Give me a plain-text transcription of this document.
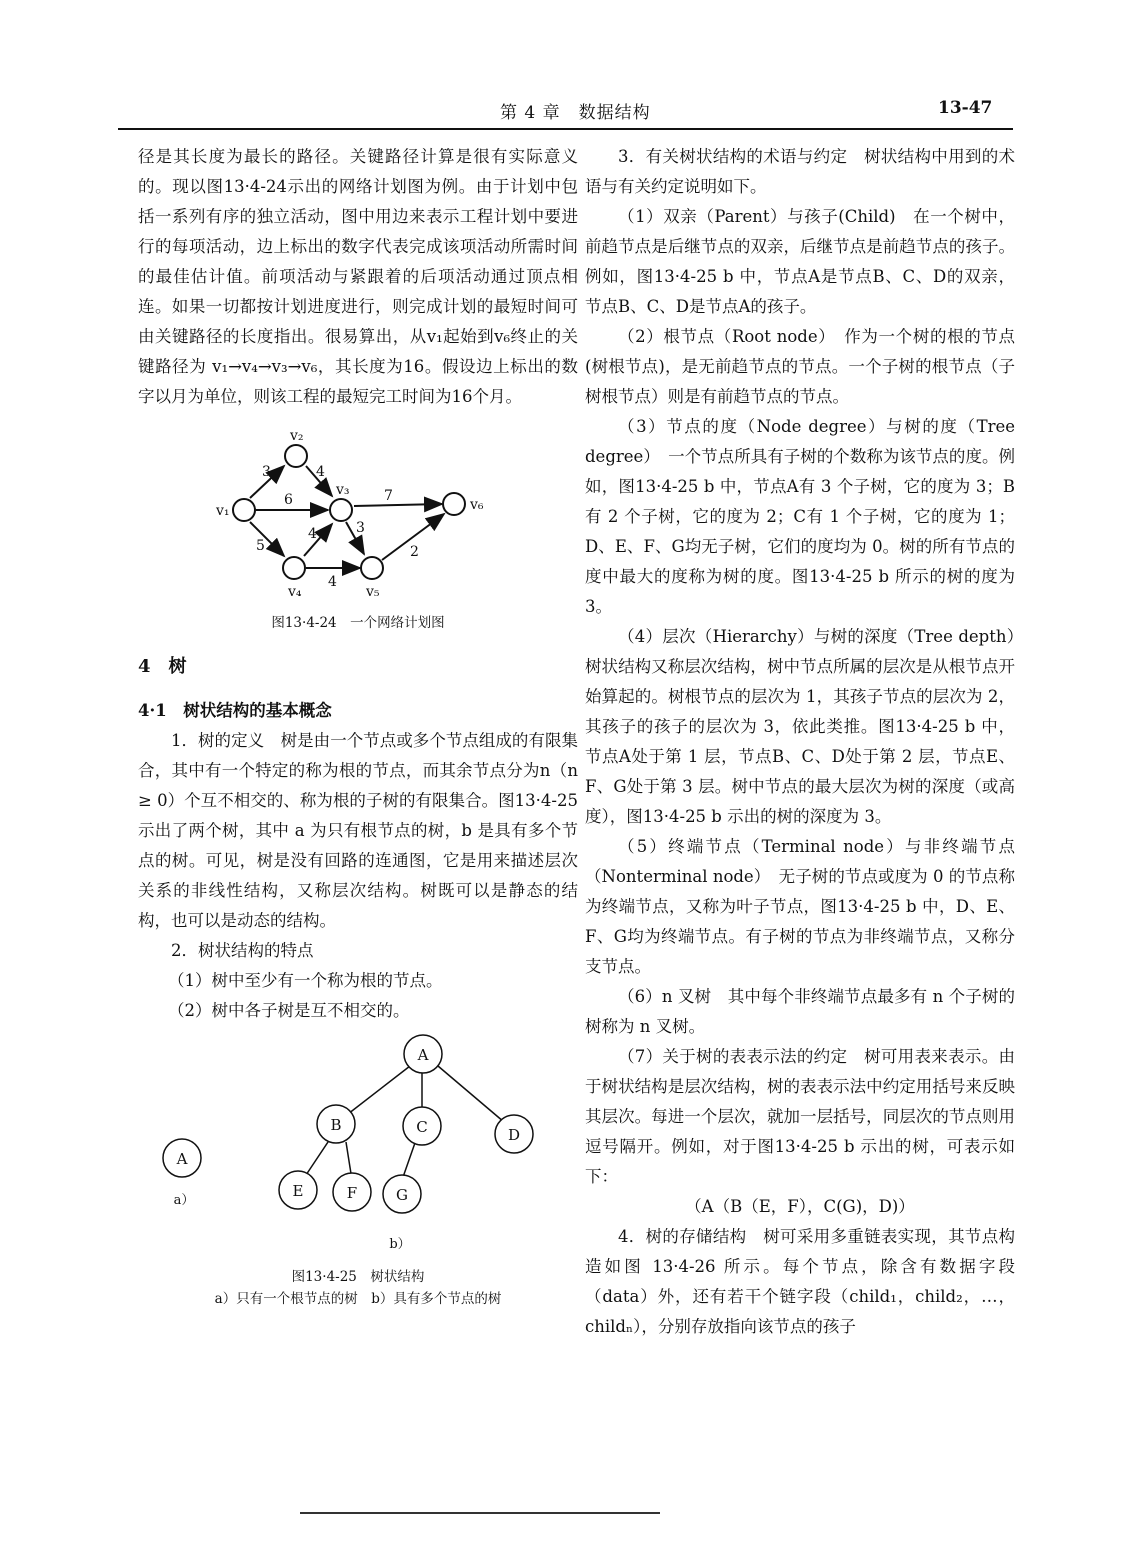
第 4 章　数据结构	13-47

径是其长度为最长的路径。关键路径计算是很有实际意义的。现以图13·4-24示出的网络计划图为例。由于计划中包括一系列有序的独立活动，图中用边来表示工程计划中要进行的每项活动，边上标出的数字代表完成该项活动所需时间的最佳估计值。前项活动与紧跟着的后项活动通过顶点相连。如果一切都按计划进度进行，则完成计划的最短时间可由关键路径的长度指出。很易算出，从v₁起始到v₆终止的关键路径为 v₁→v₄→v₃→v₆，其长度为16。假设边上标出的数字以月为单位，则该工程的最短完工时间为16个月。

v₁
v₂
v₃
v₄	v₅
v₆
3	4
6	7
5
4	3
4
2
图13·4-24　一个网络计划图
4　树
4·1　树状结构的基本概念

1．树的定义　树是由一个节点或多个节点组成的有限集合，其中有一个特定的称为根的节点，而其余节点分为n（n ≥ 0）个互不相交的、称为根的子树的有限集合。图13·4-25示出了两个树，其中 a 为只有根节点的树，b 是具有多个节点的树。可见，树是没有回路的连通图，它是用来描述层次关系的非线性结构，又称层次结构。树既可以是静态的结构，也可以是动态的结构。

2．树状结构的特点

（1）树中至少有一个称为根的节点。

（2）树中各子树是互不相交的。

A
A
B	C	D
E	F	G
a）
b）
图13·4-25　树状结构
a）只有一个根节点的树　b）具有多个节点的树

3．有关树状结构的术语与约定　树状结构中用到的术语与有关约定说明如下。

（1）双亲（Parent）与孩子(Child)　在一个树中，前趋节点是后继节点的双亲，后继节点是前趋节点的孩子。例如，图13·4-25 b 中，节点A是节点B、C、D的双亲，节点B、C、D是节点A的孩子。

（2）根节点（Root node）　作为一个树的根的节点(树根节点)，是无前趋节点的节点。一个子树的根节点（子树根节点）则是有前趋节点的节点。

（3）节点的度（Node degree）与树的度（Tree degree）　一个节点所具有子树的个数称为该节点的度。例如，图13·4-25 b 中，节点A有 3 个子树，它的度为 3；B有 2 个子树，它的度为 2；C有 1 个子树，它的度为 1；D、E、F、G均无子树，它们的度均为 0。树的所有节点的度中最大的度称为树的度。图13·4-25 b 所示的树的度为 3。

（4）层次（Hierarchy）与树的深度（Tree depth）　树状结构又称层次结构，树中节点所属的层次是从根节点开始算起的。树根节点的层次为 1，其孩子节点的层次为 2，其孩子的孩子的层次为 3，依此类推。图13·4-25 b 中，节点A处于第 1 层，节点B、C、D处于第 2 层，节点E、F、G处于第 3 层。树中节点的最大层次为树的深度（或高度），图13·4-25 b 示出的树的深度为 3。

（5）终端节点（Terminal node）与非终端节点（Nonterminal node）　无子树的节点或度为 0 的节点称为终端节点，又称为叶子节点，图13·4-25 b 中，D、E、F、G均为终端节点。有子树的节点为非终端节点，又称分支节点。

（6）n 叉树　其中每个非终端节点最多有 n 个子树的树称为 n 叉树。

（7）关于树的表表示法的约定　树可用表来表示。由于树状结构是层次结构，树的表表示法中约定用括号来反映其层次。每进一个层次，就加一层括号，同层次的节点则用逗号隔开。例如，对于图13·4-25 b 示出的树，可表示如下：

（A（B（E，F），C(G)，D)）

4．树的存储结构　树可采用多重链表实现，其节点构造如图 13·4-26 所示。每个节点，除含有数据字段（data）外，还有若干个链字段（child₁，child₂，…，childₙ），分别存放指向该节点的孩子
